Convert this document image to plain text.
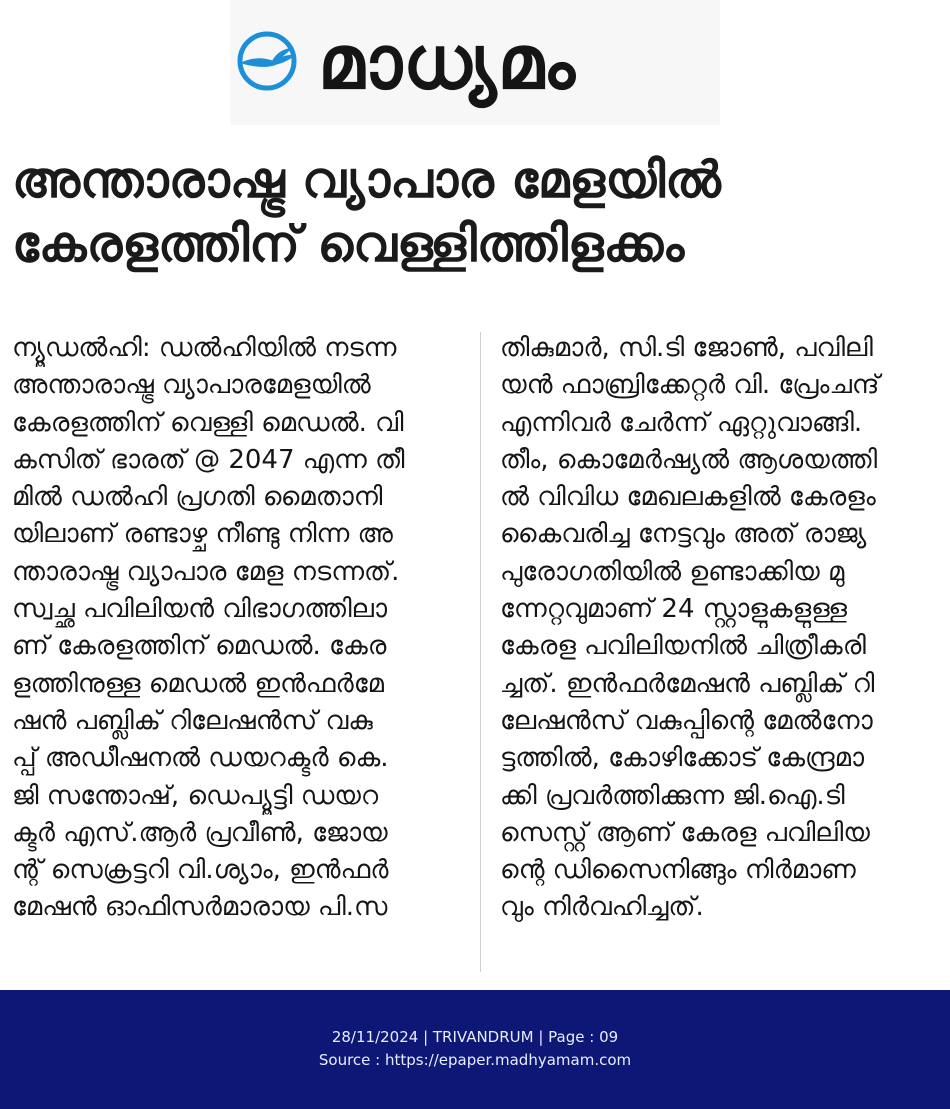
മാധ്യമം
അന്താരാഷ്ട്ര വ്യാപാര മേളയിൽ
കേരളത്തിന് വെള്ളിത്തിളക്കം
ന്യൂഡൽഹി: ഡൽഹിയിൽ നടന്ന
അന്താരാഷ്ട്ര വ്യാപാരമേളയിൽ
കേരളത്തിന് വെള്ളി മെഡൽ. വി
കസിത് ഭാരത് @ 2047 എന്ന തീ
മിൽ ഡൽഹി പ്രഗതി മൈതാനി
യിലാണ് രണ്ടാഴ്ച നീണ്ടു നിന്ന അ
ന്താരാഷ്ട്ര വ്യാപാര മേള നടന്നത്.
സ്വച്ഛ പവിലിയൻ വിഭാഗത്തിലാ
ണ് കേരളത്തിന് മെഡൽ. കേര
ളത്തിനുള്ള മെഡൽ ഇൻഫർമേ
ഷൻ പബ്ലിക് റിലേഷൻസ് വകു
പ്പ് അഡീഷനൽ ഡയറക്ടർ കെ.
ജി സന്തോഷ്, ഡെപ്യൂട്ടി ഡയറ
ക്ടർ എസ്.ആർ പ്രവീൺ, ജോയ
ന്റ് സെക്രട്ടറി വി.ശ്യാം, ഇൻഫർ
മേഷൻ ഓഫിസർമാരായ പി.സ
തികുമാർ, സി.ടി ജോൺ, പവിലി
യൻ ഫാബ്രിക്കേറ്റർ വി. പ്രേംചന്ദ്
എന്നിവർ ചേർന്ന് ഏറ്റുവാങ്ങി.
തീം, കൊമേർഷ്യൽ ആശയത്തി
ൽ വിവിധ മേഖലകളിൽ കേരളം
കൈവരിച്ച നേട്ടവും അത് രാജ്യ
പുരോഗതിയിൽ ഉണ്ടാക്കിയ മു
ന്നേറ്റവുമാണ് 24 സ്റ്റാളുകളുള്ള
കേരള പവിലിയനിൽ ചിത്രീകരി
ച്ചത്. ഇൻഫർമേഷൻ പബ്ലിക് റി
ലേഷൻസ് വകുപ്പിന്റെ മേൽനോ
ട്ടത്തിൽ, കോഴിക്കോട് കേന്ദ്രമാ
ക്കി പ്രവർത്തിക്കുന്ന ജി.ഐ.ടി
സെസ്റ്റ് ആണ് കേരള പവിലിയ
ന്റെ ഡിസൈനിങ്ങും നിർമാണ
വും നിർവഹിച്ചത്.
28/11/2024 | TRIVANDRUM | Page : 09
Source : https://epaper.madhyamam.com
